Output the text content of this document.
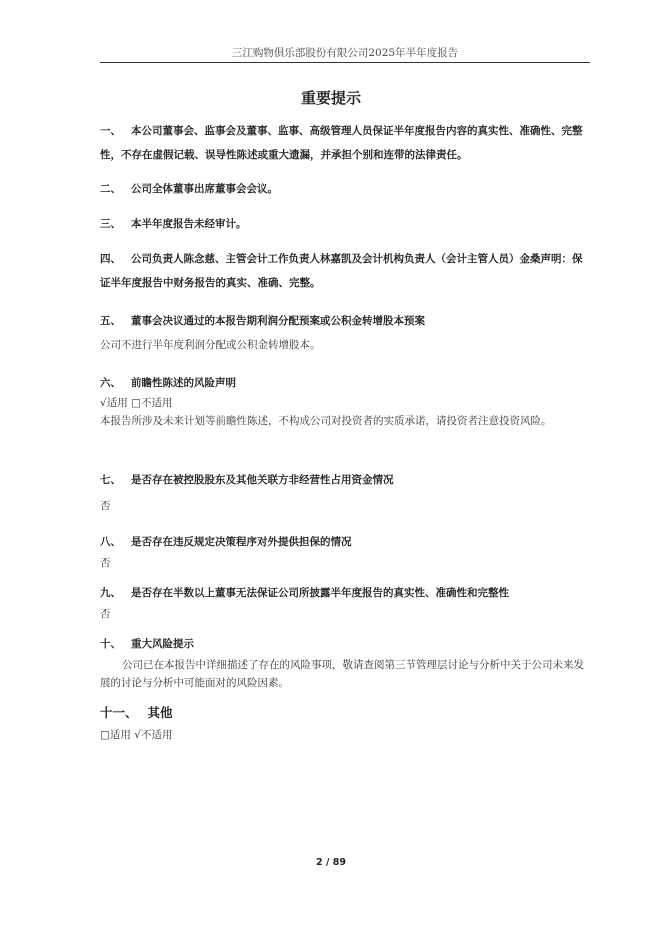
三江购物俱乐部股份有限公司2025年半年度报告
重要提示
一、 本公司董事会、监事会及董事、监事、高级管理人员保证半年度报告内容的真实性、准确性、完整性，不存在虚假记载、误导性陈述或重大遗漏，并承担个别和连带的法律责任。
二、 公司全体董事出席董事会会议。
三、 本半年度报告未经审计。
四、 公司负责人陈念慈、主管会计工作负责人林嘉凯及会计机构负责人（会计主管人员）金桑声明：保证半年度报告中财务报告的真实、准确、完整。
五、 董事会决议通过的本报告期利润分配预案或公积金转增股本预案
公司不进行半年度利润分配或公积金转增股本。
六、 前瞻性陈述的风险声明
√适用 □不适用
本报告所涉及未来计划等前瞻性陈述，不构成公司对投资者的实质承诺，请投资者注意投资风险。
七、 是否存在被控股股东及其他关联方非经营性占用资金情况
否
八、 是否存在违反规定决策程序对外提供担保的情况
否
九、 是否存在半数以上董事无法保证公司所披露半年度报告的真实性、准确性和完整性
否
十、 重大风险提示
公司已在本报告中详细描述了存在的风险事项，敬请查阅第三节管理层讨论与分析中关于公司未来发展的讨论与分析中可能面对的风险因素。
十一、 其他
□适用 √不适用
2 / 89
